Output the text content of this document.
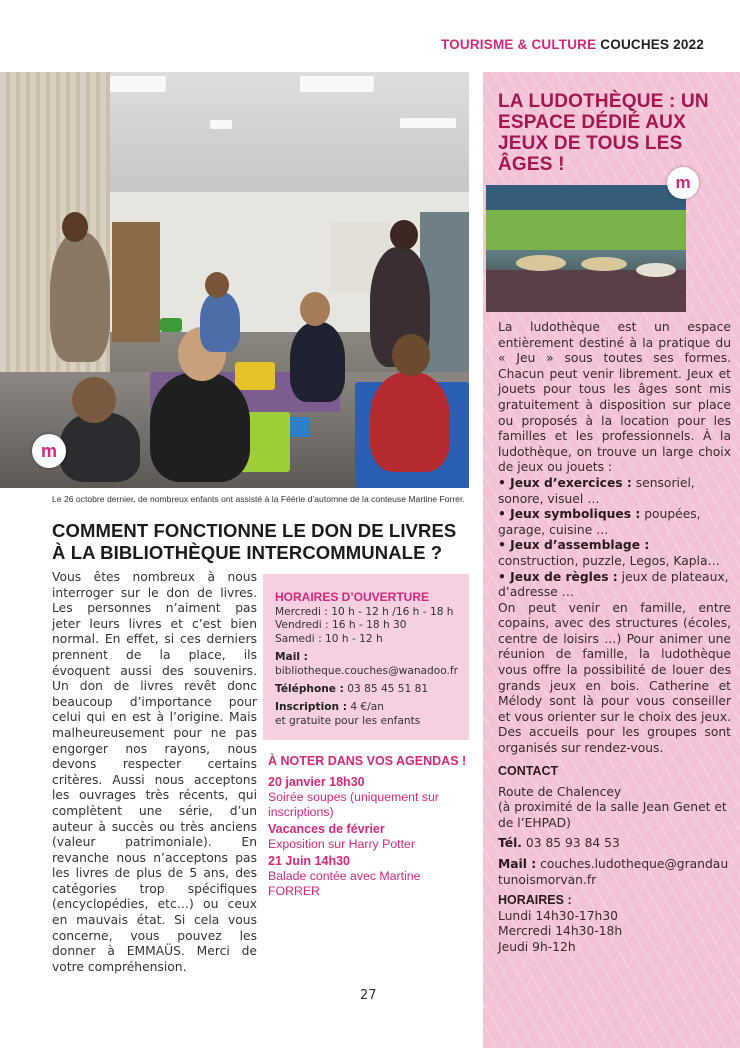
TOURISME & CULTURE COUCHES 2022
m
Le 26 octobre dernier, de nombreux enfants ont assisté à la Féérie d’automne de la conteuse Martine Forrer.
COMMENT FONCTIONNE LE DON DE LIVRES À LA BIBLIOTHÈQUE INTERCOMMUNALE ?
Vous êtes nombreux à nous interroger sur le don de livres. Les personnes n’aiment pas jeter leurs livres et c’est bien normal. En effet, si ces derniers prennent de la place, ils évoquent aussi des souvenirs. Un don de livres revêt donc beaucoup d’importance pour celui qui en est à l’origine. Mais malheureusement pour ne pas engorger nos rayons, nous devons respecter certains critères. Aussi nous acceptons les ouvrages très récents, qui complètent une série, d’un auteur à succès ou très anciens (valeur patrimoniale). En revanche nous n’acceptons pas les livres de plus de 5 ans, des catégories trop spécifiques (encyclopédies, etc…) ou ceux en mauvais état. Si cela vous concerne, vous pouvez les donner à EMMAÜS. Merci de votre compréhension.
HORAIRES D’OUVERTURE
Mercredi : 10 h - 12 h /16 h - 18 h
Vendredi : 16 h - 18 h 30
Samedi : 10 h - 12 h
Mail : bibliotheque.couches@wanadoo.fr
Téléphone : 03 85 45 51 81
Inscription : 4 €/an
et gratuite pour les enfants
À NOTER DANS VOS AGENDAS !
20 janvier 18h30
Soirée soupes (uniquement sur inscriptions)
Vacances de février
Exposition sur Harry Potter
21 Juin 14h30
Balade contée avec Martine FORRER
27
LA LUDOTHÈQUE : UN ESPACE DÉDIÉ AUX JEUX DE TOUS LES ÂGES !
m

La ludothèque est un espace entièrement destiné à la pratique du « Jeu » sous toutes ses formes. Chacun peut venir librement. Jeux et jouets pour tous les âges sont mis gratuitement à disposition sur place ou proposés à la location pour les familles et les professionnels. À la ludothèque, on trouve un large choix de jeux ou jouets :

• Jeux d’exercices : sensoriel, sonore, visuel …

• Jeux symboliques : poupées, garage, cuisine …

• Jeux d’assemblage : construction, puzzle, Legos, Kapla…

• Jeux de règles : jeux de plateaux, d’adresse …

On peut venir en famille, entre copains, avec des structures (écoles, centre de loisirs …) Pour animer une réunion de famille, la ludothèque vous offre la possibilité de louer des grands jeux en bois. Catherine et Mélody sont là pour vous conseiller et vous orienter sur le choix des jeux. Des accueils pour les groupes sont organisés sur rendez-vous.

CONTACT
Route de Chalencey
(à proximité de la salle Jean Genet et de l’EHPAD)
Tél. 03 85 93 84 53
Mail : couches.ludotheque@grandautunoismorvan.fr
HORAIRES :
Lundi 14h30-17h30
Mercredi 14h30-18h
Jeudi 9h-12h
